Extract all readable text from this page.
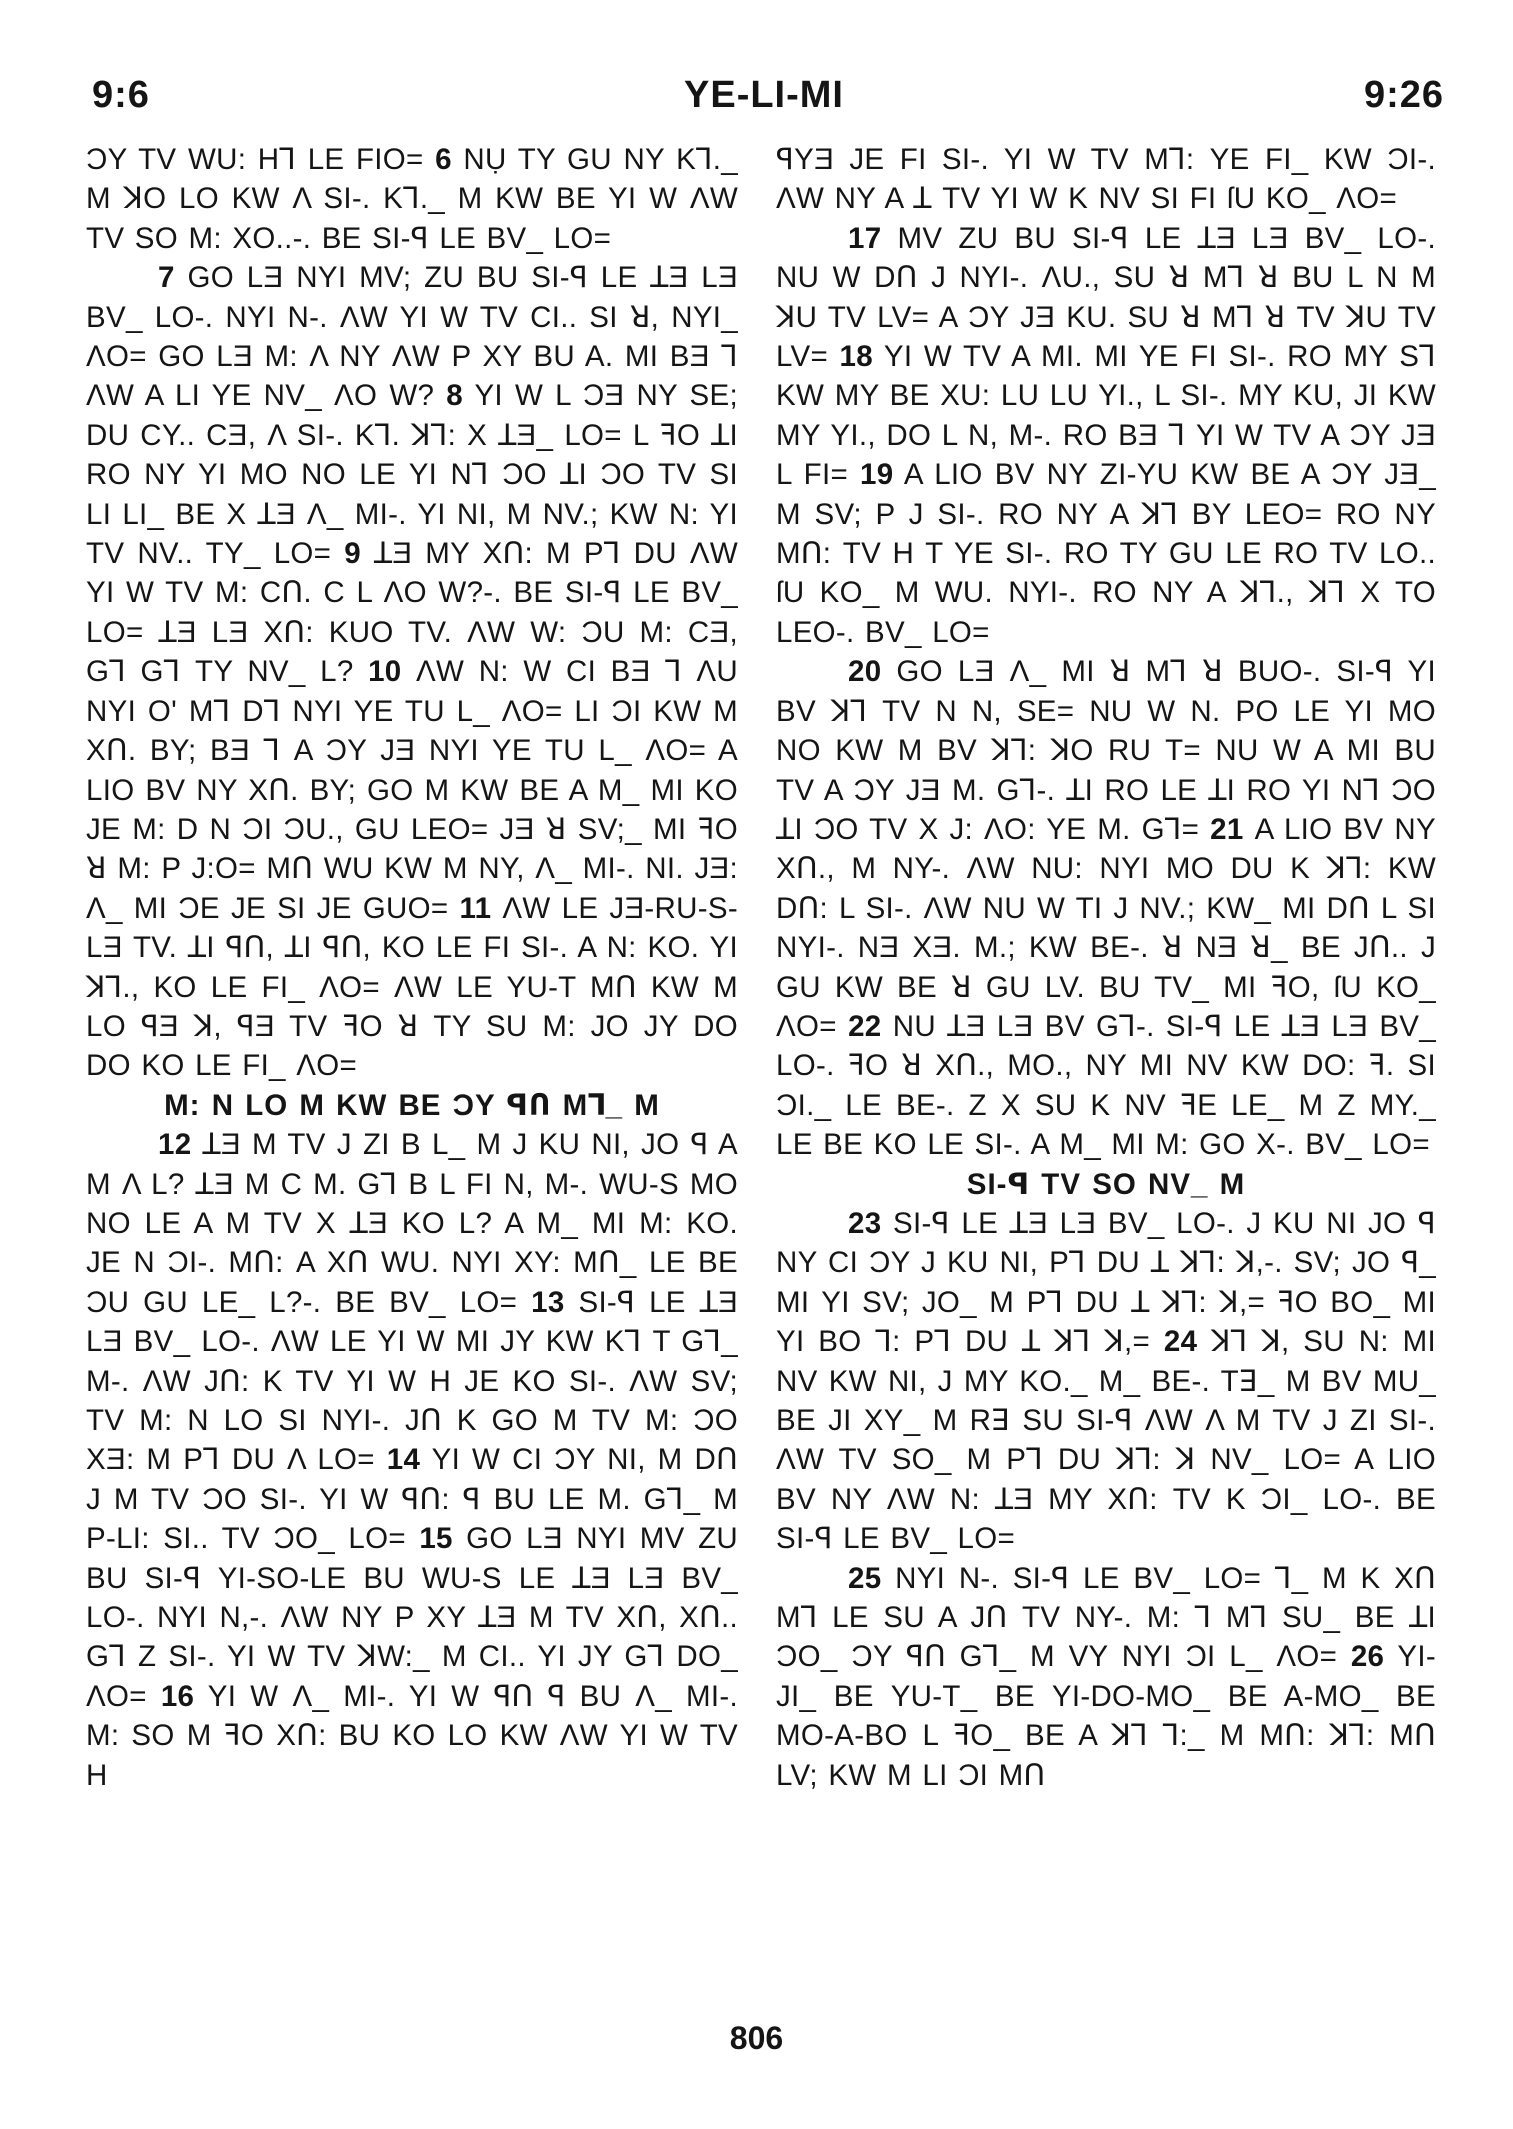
9:6	YE-LI-MI	9:26

ƆY TV WU: Hꓶ LE FIO= 6 NỤ TY GU NY Kꓶ._ M ꓘO LO KW Λ SI-. Kꓶ._ M KW BE YI W ΛW TV SO M: XO..-. BE SI-ꟼ LE BV_ LO=

7 GO LƎ NYI MV; ZU BU SI-ꟼ LE ꓕƎ LƎ BV_ LO-. NYI N-. ΛW YI W TV CI.. SI ꓤ, NYI_ ΛO= GO LƎ M: Λ NY ΛW P XY BU A. MI BƎ ꓶ ΛW A LI YE NV_ ΛO W? 8 YI W L ƆƎ NY SE; DU CY.. CƎ, Λ SI-. Kꓶ. ꓘꓶ: X ꓕƎ_ LO= L ꟻO ꓕI RO NY YI MO NO LE YI Nꓶ ƆO ꓕI ƆO TV SI LI LI_ BE X ꓕƎ Λ_ MI-. YI NI, M NV.; KW N: YI TV NV.. TY_ LO= 9 ꓕƎ MY XՈ: M Pꓶ DU ΛW YI W TV M: CՈ. C L ΛO W?-. BE SI-ꟼ LE BV_ LO= ꓕƎ LƎ XՈ: KUO TV. ΛW W: ƆU M: CƎ, Gꓶ Gꓶ TY NV_ L? 10 ΛW N: W CI BƎ ꓶ ΛU NYI O' Mꓶ Dꓶ NYI YE TU L_ ΛO= LI ƆI KW M XՈ. BY; BƎ ꓶ A ƆY JƎ NYI YE TU L_ ΛO= A LIO BV NY XՈ. BY; GO M KW BE A M_ MI KO JE M: D N ƆI ƆU., GU LEO= JƎ ꓤ SV;_ MI ꟻO ꓤ M: P J:O= MՈ WU KW M NY, Λ_ MI-. NI. JƎ: Λ_ MI ƆE JE SI JE GUO= 11 ΛW LE JƎ-RU-S-LƎ TV. ꓕI ꟼՈ, ꓕI ꟼՈ, KO LE FI SI-. A N: KO. YI ꓘꓶ., KO LE FI_ ΛO= ΛW LE YU-T MՈ KW M LO ꟼƎ ꓘ, ꟼƎ TV ꟻO ꓤ TY SU M: JO JY DO DO KO LE FI_ ΛO=

M: N LO M KW BE ƆY ꟼՈ Mꓶ_ M

12 ꓕƎ M TV J ZI B L_ M J KU NI, JO ꟼ A M Λ L? ꓕƎ M C M. Gꓶ B L FI N, M-. WU-S MO NO LE A M TV X ꓕƎ KO L? A M_ MI M: KO. JE N ƆI-. MՈ: A XՈ WU. NYI XY: MՈ_ LE BE ƆU GU LE_ L?-. BE BV_ LO= 13 SI-ꟼ LE ꓕƎ LƎ BV_ LO-. ΛW LE YI W MI JY KW Kꓶ T Gꓶ_ M-. ΛW JՈ: K TV YI W H JE KO SI-. ΛW SV; TV M: N LO SI NYI-. JՈ K GO M TV M: ƆO XƎ: M Pꓶ DU Λ LO= 14 YI W CI ƆY NI, M DՈ J M TV ƆO SI-. YI W ꟼՈ: ꟼ BU LE M. Gꓶ_ M P-LI: SI.. TV ƆO_ LO= 15 GO LƎ NYI MV ZU BU SI-ꟼ YI-SO-LE BU WU-S LE ꓕƎ LƎ BV_ LO-. NYI N,-. ΛW NY P XY ꓕƎ M TV XՈ, XՈ.. Gꓶ Z SI-. YI W TV ꓘW:_ M CI.. YI JY Gꓶ DO_ ΛO= 16 YI W Λ_ MI-. YI W ꟼՈ ꟼ BU Λ_ MI-. M: SO M ꟻO XՈ: BU KO LO KW ΛW YI W TV H

ꟼYƎ JE FI SI-. YI W TV Mꓶ: YE FI_ KW ƆI-. ΛW NY A ꓕ TV YI W K NV SI FI ſU KO_ ΛO=

17 MV ZU BU SI-ꟼ LE ꓕƎ LƎ BV_ LO-. NU W DՈ J NYI-. ΛU., SU ꓤ Mꓶ ꓤ BU L N M ꓘU TV LV= A ƆY JƎ KU. SU ꓤ Mꓶ ꓤ TV ꓘU TV LV= 18 YI W TV A MI. MI YE FI SI-. RO MY Sꓶ KW MY BE XU: LU LU YI., L SI-. MY KU, JI KW MY YI., DO L N, M-. RO BƎ ꓶ YI W TV A ƆY JƎ L FI= 19 A LIO BV NY ZI-YU KW BE A ƆY JƎ_ M SV; P J SI-. RO NY A ꓘꓶ BY LEO= RO NY MՈ: TV H T YE SI-. RO TY GU LE RO TV LO.. ſU KO_ M WU. NYI-. RO NY A ꓘꓶ., ꓘꓶ X TO LEO-. BV_ LO=

20 GO LƎ Λ_ MI ꓤ Mꓶ ꓤ BUO-. SI-ꟼ YI BV ꓘꓶ TV N N, SE= NU W N. PO LE YI MO NO KW M BV ꓘꓶ: ꓘO RU T= NU W A MI BU TV A ƆY JƎ M. Gꓶ-. ꓕI RO LE ꓕI RO YI Nꓶ ƆO ꓕI ƆO TV X J: ΛO: YE M. Gꓶ= 21 A LIO BV NY XՈ., M NY-. ΛW NU: NYI MO DU K ꓘꓶ: KW DՈ: L SI-. ΛW NU W TI J NV.; KW_ MI DՈ L SI NYI-. NƎ XƎ. M.; KW BE-. ꓤ NƎ ꓤ_ BE JՈ.. J GU KW BE ꓤ GU LV. BU TV_ MI ꟻO, ſU KO_ ΛO= 22 NU ꓕƎ LƎ BV Gꓶ-. SI-ꟼ LE ꓕƎ LƎ BV_ LO-. ꟻO ꓤ XՈ., MO., NY MI NV KW DO: ꟻ. SI ƆI._ LE BE-. Z X SU K NV ꟻE LE_ M Z MY._ LE BE KO LE SI-. A M_ MI M: GO X-. BV_ LO=

SI-ꟼ TV SO NV_ M

23 SI-ꟼ LE ꓕƎ LƎ BV_ LO-. J KU NI JO ꟼ NY CI ƆY J KU NI, Pꓶ DU ꓕ ꓘꓶ: ꓘ,-. SV; JO ꟼ_ MI YI SV; JO_ M Pꓶ DU ꓕ ꓘꓶ: ꓘ,= ꟻO BO_ MI YI BO ꓶ: Pꓶ DU ꓕ ꓘꓶ ꓘ,= 24 ꓘꓶ ꓘ, SU N: MI NV KW NI, J MY KO._ M_ BE-. Tꓱ_ M BV MU_ BE JI XY_ M Rꓱ SU SI-ꟼ ΛW Λ M TV J ZI SI-. ΛW TV SO_ M Pꓶ DU ꓘꓶ: ꓘ NV_ LO= A LIO BV NY ΛW N: ꓕƎ MY XՈ: TV K ƆI_ LO-. BE SI-ꟼ LE BV_ LO=

25 NYI N-. SI-ꟼ LE BV_ LO= ꓶ_ M K XՈ Mꓶ LE SU A JՈ TV NY-. M: ꓶ Mꓶ SU_ BE ꓕI ƆO_ ƆY ꟼՈ Gꓶ_ M VY NYI ƆI L_ ΛO= 26 YI-JI_ BE YU-T_ BE YI-DO-MO_ BE A-MO_ BE MO-A-BO L ꟻO_ BE A ꓘꓶ ꓶ:_ M MՈ: ꓘꓶ: MՈ LV; KW M LI ƆI MՈ

806
